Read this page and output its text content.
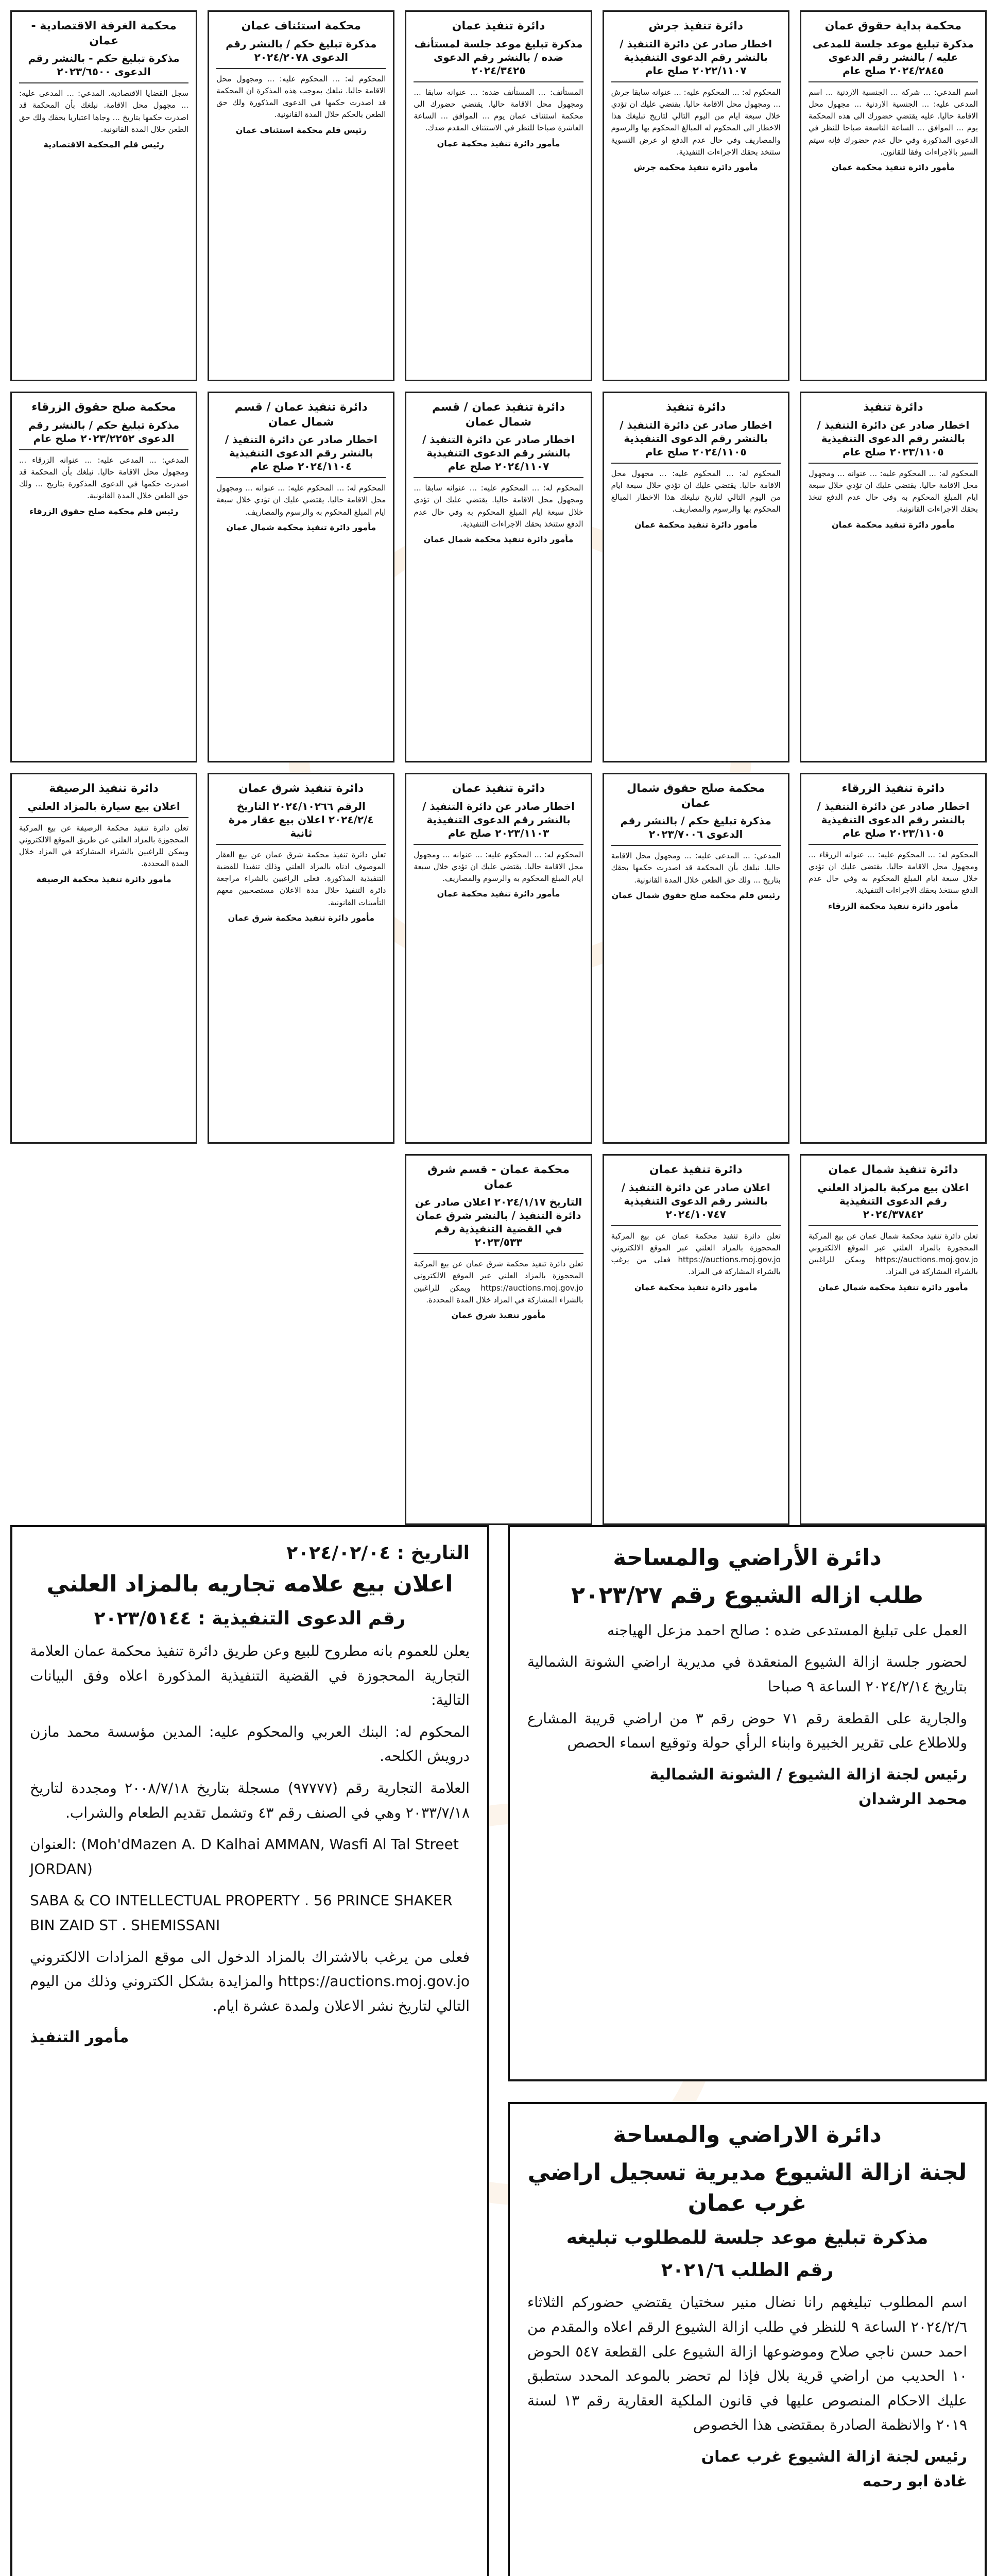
محكمة بداية حقوق عمان
مذكرة تبليغ موعد جلسة للمدعى عليه / بالنشر رقم الدعوى ٢٠٢٤/٢٨٤٥ صلح عام

اسم المدعي: ... شركة ... الجنسية الاردنية ... اسم المدعى عليه: ... الجنسية الاردنية ... مجهول محل الاقامة حاليا. عليه يقتضي حضورك الى هذه المحكمة يوم ... الموافق ... الساعة التاسعة صباحا للنظر في الدعوى المذكورة وفي حال عدم حضورك فإنه سيتم السير بالاجراءات وفقا للقانون.

مأمور دائرة تنفيذ محكمة عمان
دائرة تنفيذ جرش
اخطار صادر عن دائرة التنفيذ / بالنشر رقم الدعوى التنفيذية ٢٠٢٢/١١٠٧ صلح عام

المحكوم له: ... المحكوم عليه: ... عنوانه سابقا جرش ... ومجهول محل الاقامة حاليا. يقتضي عليك ان تؤدي خلال سبعة ايام من اليوم التالي لتاريخ تبليغك هذا الاخطار الى المحكوم له المبالغ المحكوم بها والرسوم والمصاريف وفي حال عدم الدفع او عرض التسوية ستتخذ بحقك الاجراءات التنفيذية.

مأمور دائرة تنفيذ محكمة جرش
دائرة تنفيذ عمان
مذكرة تبليغ موعد جلسة لمستأنف ضده / بالنشر رقم الدعوى ٢٠٢٤/٣٤٢٥

المستأنف: ... المستأنف ضده: ... عنوانه سابقا ... ومجهول محل الاقامة حاليا. يقتضي حضورك الى محكمة استئناف عمان يوم ... الموافق ... الساعة العاشرة صباحا للنظر في الاستئناف المقدم ضدك.

مأمور دائرة تنفيذ محكمة عمان
محكمة استئناف عمان
مذكرة تبليغ حكم / بالنشر رقم الدعوى ٢٠٢٤/٢٠٧٨

المحكوم له: ... المحكوم عليه: ... ومجهول محل الاقامة حاليا. نبلغك بموجب هذه المذكرة ان المحكمة قد اصدرت حكمها في الدعوى المذكورة ولك حق الطعن بالحكم خلال المدة القانونية.

رئيس قلم محكمة استئناف عمان
محكمة الغرفة الاقتصادية - عمان
مذكرة تبليغ حكم - بالنشر رقم الدعوى ٢٠٢٣/٦٥٠٠

سجل القضايا الاقتصادية. المدعي: ... المدعى عليه: ... مجهول محل الاقامة. نبلغك بأن المحكمة قد اصدرت حكمها بتاريخ ... وجاها اعتباريا بحقك ولك حق الطعن خلال المدة القانونية.

رئيس قلم المحكمة الاقتصادية
دائرة تنفيذ
اخطار صادر عن دائرة التنفيذ / بالنشر رقم الدعوى التنفيذية ٢٠٢٣/١١٠٥ صلح عام

المحكوم له: ... المحكوم عليه: ... عنوانه ... ومجهول محل الاقامة حاليا. يقتضي عليك ان تؤدي خلال سبعة ايام المبلغ المحكوم به وفي حال عدم الدفع تتخذ بحقك الاجراءات القانونية.

مأمور دائرة تنفيذ محكمة عمان
دائرة تنفيذ
اخطار صادر عن دائرة التنفيذ / بالنشر رقم الدعوى التنفيذية ٢٠٢٤/١١٠٥ صلح عام

المحكوم له: ... المحكوم عليه: ... مجهول محل الاقامة حاليا. يقتضي عليك ان تؤدي خلال سبعة ايام من اليوم التالي لتاريخ تبليغك هذا الاخطار المبالغ المحكوم بها والرسوم والمصاريف.

مأمور دائرة تنفيذ محكمة عمان
دائرة تنفيذ عمان / قسم شمال عمان
اخطار صادر عن دائرة التنفيذ / بالنشر رقم الدعوى التنفيذية ٢٠٢٤/١١٠٧ صلح عام

المحكوم له: ... المحكوم عليه: ... عنوانه سابقا ... ومجهول محل الاقامة حاليا. يقتضي عليك ان تؤدي خلال سبعة ايام المبلغ المحكوم به وفي حال عدم الدفع ستتخذ بحقك الاجراءات التنفيذية.

مأمور دائرة تنفيذ محكمة شمال عمان
دائرة تنفيذ عمان / قسم شمال عمان
اخطار صادر عن دائرة التنفيذ / بالنشر رقم الدعوى التنفيذية ٢٠٢٤/١١٠٤ صلح عام

المحكوم له: ... المحكوم عليه: ... عنوانه ... ومجهول محل الاقامة حاليا. يقتضي عليك ان تؤدي خلال سبعة ايام المبلغ المحكوم به والرسوم والمصاريف.

مأمور دائرة تنفيذ محكمة شمال عمان
محكمة صلح حقوق الزرقاء
مذكرة تبليغ حكم / بالنشر رقم الدعوى ٢٠٢٣/٢٢٥٢ صلح عام

المدعي: ... المدعى عليه: ... عنوانه الزرقاء ... ومجهول محل الاقامة حاليا. نبلغك بأن المحكمة قد اصدرت حكمها في الدعوى المذكورة بتاريخ ... ولك حق الطعن خلال المدة القانونية.

رئيس قلم محكمة صلح حقوق الزرقاء
دائرة تنفيذ الزرقاء
اخطار صادر عن دائرة التنفيذ / بالنشر رقم الدعوى التنفيذية ٢٠٢٣/١١٠٥ صلح عام

المحكوم له: ... المحكوم عليه: ... عنوانه الزرقاء ... ومجهول محل الاقامة حاليا. يقتضي عليك ان تؤدي خلال سبعة ايام المبلغ المحكوم به وفي حال عدم الدفع ستتخذ بحقك الاجراءات التنفيذية.

مأمور دائرة تنفيذ محكمة الزرقاء
محكمة صلح حقوق شمال عمان
مذكرة تبليغ حكم / بالنشر رقم الدعوى ٢٠٢٣/٧٠٠٦

المدعي: ... المدعى عليه: ... ومجهول محل الاقامة حاليا. نبلغك بأن المحكمة قد اصدرت حكمها بحقك بتاريخ ... ولك حق الطعن خلال المدة القانونية.

رئيس قلم محكمة صلح حقوق شمال عمان
دائرة تنفيذ عمان
اخطار صادر عن دائرة التنفيذ / بالنشر رقم الدعوى التنفيذية ٢٠٢٣/١١٠٣ صلح عام

المحكوم له: ... المحكوم عليه: ... عنوانه ... ومجهول محل الاقامة حاليا. يقتضي عليك ان تؤدي خلال سبعة ايام المبلغ المحكوم به والرسوم والمصاريف.

مأمور دائرة تنفيذ محكمة عمان
دائرة تنفيذ شرق عمان
الرقم ٢٠٢٤/١٠٢٦٦ التاريخ ٢٠٢٤/٢/٤ اعلان بيع عقار مرة ثانية

تعلن دائرة تنفيذ محكمة شرق عمان عن بيع العقار الموصوف ادناه بالمزاد العلني وذلك تنفيذا للقضية التنفيذية المذكورة. فعلى الراغبين بالشراء مراجعة دائرة التنفيذ خلال مدة الاعلان مستصحبين معهم التأمينات القانونية.

مأمور دائرة تنفيذ محكمة شرق عمان
دائرة تنفيذ الرصيفة
اعلان بيع سيارة بالمزاد العلني

تعلن دائرة تنفيذ محكمة الرصيفة عن بيع المركبة المحجوزة بالمزاد العلني عن طريق الموقع الالكتروني ويمكن للراغبين بالشراء المشاركة في المزاد خلال المدة المحددة.

مأمور دائرة تنفيذ محكمة الرصيفة
دائرة تنفيذ شمال عمان
اعلان بيع مركبة بالمزاد العلني رقم الدعوى التنفيذية ٢٠٢٤/٣٧٨٤٢

تعلن دائرة تنفيذ محكمة شمال عمان عن بيع المركبة المحجوزة بالمزاد العلني عبر الموقع الالكتروني https://auctions.moj.gov.jo ويمكن للراغبين بالشراء المشاركة في المزاد.

مأمور دائرة تنفيذ محكمة شمال عمان
دائرة تنفيذ عمان
اعلان صادر عن دائرة التنفيذ / بالنشر رقم الدعوى التنفيذية ٢٠٢٤/١٠٧٤٧

تعلن دائرة تنفيذ محكمة عمان عن بيع المركبة المحجوزة بالمزاد العلني عبر الموقع الالكتروني https://auctions.moj.gov.jo فعلى من يرغب بالشراء المشاركة في المزاد.

مأمور دائرة تنفيذ محكمة عمان
محكمة عمان - قسم شرق عمان
التاريخ ٢٠٢٤/١/١٧ اعلان صادر عن دائرة التنفيذ / بالنشر شرق عمان في القضية التنفيذية رقم ٢٠٢٣/٥٣٣

تعلن دائرة تنفيذ محكمة شرق عمان عن بيع المركبة المحجوزة بالمزاد العلني عبر الموقع الالكتروني https://auctions.moj.gov.jo ويمكن للراغبين بالشراء المشاركة في المزاد خلال المدة المحددة.

مأمور تنفيذ شرق عمان
التاريخ : ٢٠٢٤/٠٢/٠٤
اعلان بيع علامه تجاريه بالمزاد العلني
رقم الدعوى التنفيذية : ٢٠٢٣/٥١٤٤

يعلن للعموم بانه مطروح للبيع وعن طريق دائرة تنفيذ محكمة عمان العلامة التجارية المحجوزة في القضية التنفيذية المذكورة اعلاه وفق البيانات التالية:

المحكوم له: البنك العربي والمحكوم عليه: المدين مؤسسة محمد مازن درويش الكلحه.

العلامة التجارية رقم (٩٧٧٧٧) مسجلة بتاريخ ٢٠٠٨/٧/١٨ ومجددة لتاريخ ٢٠٣٣/٧/١٨ وهي في الصنف رقم ٤٣ وتشمل تقديم الطعام والشراب.

العنوان: (Moh'dMazen A. D Kalhai AMMAN, Wasfi Al Tal Street JORDAN)

SABA & CO INTELLECTUAL PROPERTY . 56 PRINCE SHAKER BIN ZAID ST . SHEMISSANI

فعلى من يرغب بالاشتراك بالمزاد الدخول الى موقع المزادات الالكتروني https://auctions.moj.gov.jo والمزايدة بشكل الكتروني وذلك من اليوم التالي لتاريخ نشر الاعلان ولمدة عشرة ايام.

مأمور التنفيذ
دائرة الأراضي والمساحة
طلب ازاله الشيوع رقم ٢٠٢٣/٢٧

العمل على تبليغ المستدعى ضده : صالح احمد مزعل الهياجنه

لحضور جلسة ازالة الشيوع المنعقدة في مديرية اراضي الشونة الشمالية بتاريخ ٢٠٢٤/٢/١٤ الساعة ٩ صباحا

والجارية على القطعة رقم ٧١ حوض رقم ٣ من اراضي قريبة المشارع وللاطلاع على تقرير الخبيرة وابناء الرأي حولة وتوقيع اسماء الحصص

رئيس لجنة ازالة الشيوع / الشونة الشمالية
محمد الرشدان
دائرة الاراضي والمساحة
لجنة ازالة الشيوع مديرية تسجيل اراضي غرب عمان
مذكرة تبليغ موعد جلسة للمطلوب تبليغه
رقم الطلب ٢٠٢١/٦

اسم المطلوب تبليغهم رانا نضال منير سختيان يقتضي حضوركم الثلاثاء ٢٠٢٤/٢/٦ الساعة ٩ للنظر في طلب ازالة الشيوع الرقم اعلاه والمقدم من احمد حسن ناجي صلاح وموضوعها ازالة الشيوع على القطعة ٥٤٧ الحوض ١٠ الحديب من اراضي قرية بلال فإذا لم تحضر بالموعد المحدد ستطبق عليك الاحكام المنصوص عليها في قانون الملكية العقارية رقم ١٣ لسنة ٢٠١٩ والانظمة الصادرة بمقتضى هذا الخصوص

رئيس لجنة ازالة الشيوع غرب عمان
غادة ابو رحمه
